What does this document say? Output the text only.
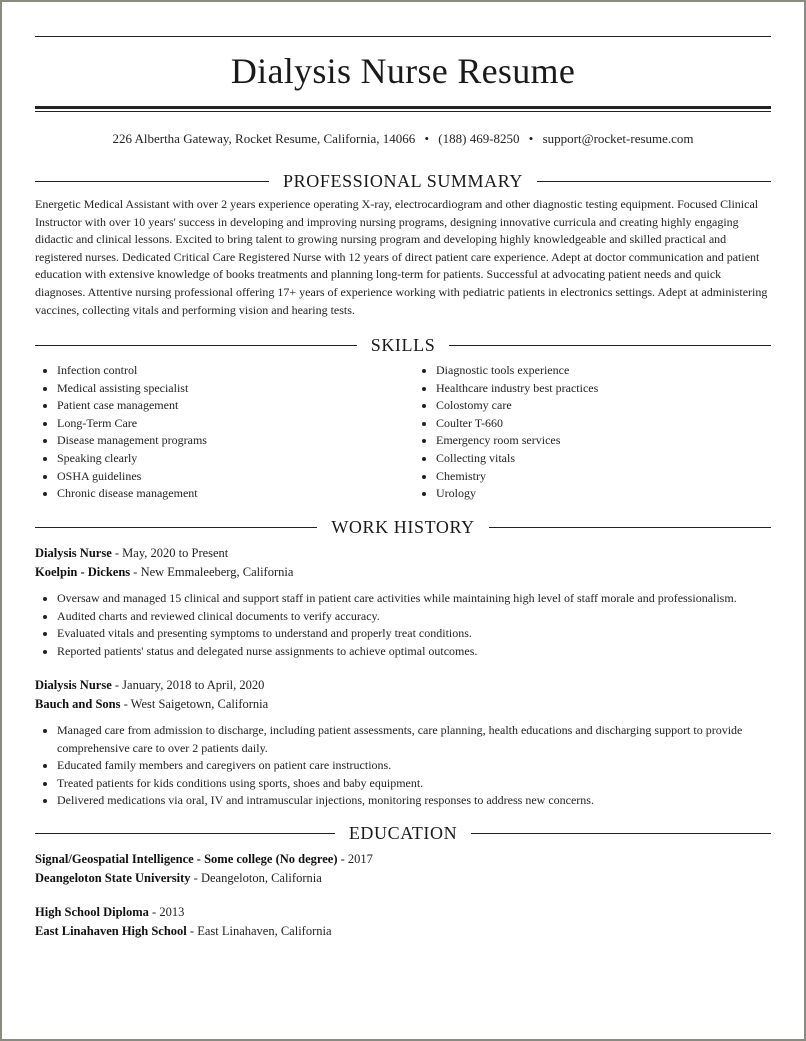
Dialysis Nurse Resume
226 Albertha Gateway, Rocket Resume, California, 14066 • (188) 469-8250 • support@rocket-resume.com
PROFESSIONAL SUMMARY
Energetic Medical Assistant with over 2 years experience operating X-ray, electrocardiogram and other diagnostic testing equipment. Focused Clinical Instructor with over 10 years' success in developing and improving nursing programs, designing innovative curricula and creating highly engaging didactic and clinical lessons. Excited to bring talent to growing nursing program and developing highly knowledgeable and skilled practical and registered nurses. Dedicated Critical Care Registered Nurse with 12 years of direct patient care experience. Adept at doctor communication and patient education with extensive knowledge of books treatments and planning long-term for patients. Successful at advocating patient needs and quick diagnoses. Attentive nursing professional offering 17+ years of experience working with pediatric patients in electronics settings. Adept at administering vaccines, collecting vitals and performing vision and hearing tests.
SKILLS
Infection control
Medical assisting specialist
Patient case management
Long-Term Care
Disease management programs
Speaking clearly
OSHA guidelines
Chronic disease management
Diagnostic tools experience
Healthcare industry best practices
Colostomy care
Coulter T-660
Emergency room services
Collecting vitals
Chemistry
Urology
WORK HISTORY
Dialysis Nurse - May, 2020 to Present
Koelpin - Dickens - New Emmaleeberg, California
Oversaw and managed 15 clinical and support staff in patient care activities while maintaining high level of staff morale and professionalism.
Audited charts and reviewed clinical documents to verify accuracy.
Evaluated vitals and presenting symptoms to understand and properly treat conditions.
Reported patients' status and delegated nurse assignments to achieve optimal outcomes.
Dialysis Nurse - January, 2018 to April, 2020
Bauch and Sons - West Saigetown, California
Managed care from admission to discharge, including patient assessments, care planning, health educations and discharging support to provide comprehensive care to over 2 patients daily.
Educated family members and caregivers on patient care instructions.
Treated patients for kids conditions using sports, shoes and baby equipment.
Delivered medications via oral, IV and intramuscular injections, monitoring responses to address new concerns.
EDUCATION
Signal/Geospatial Intelligence - Some college (No degree) - 2017
Deangeloton State University - Deangeloton, California
High School Diploma - 2013
East Linahaven High School - East Linahaven, California
